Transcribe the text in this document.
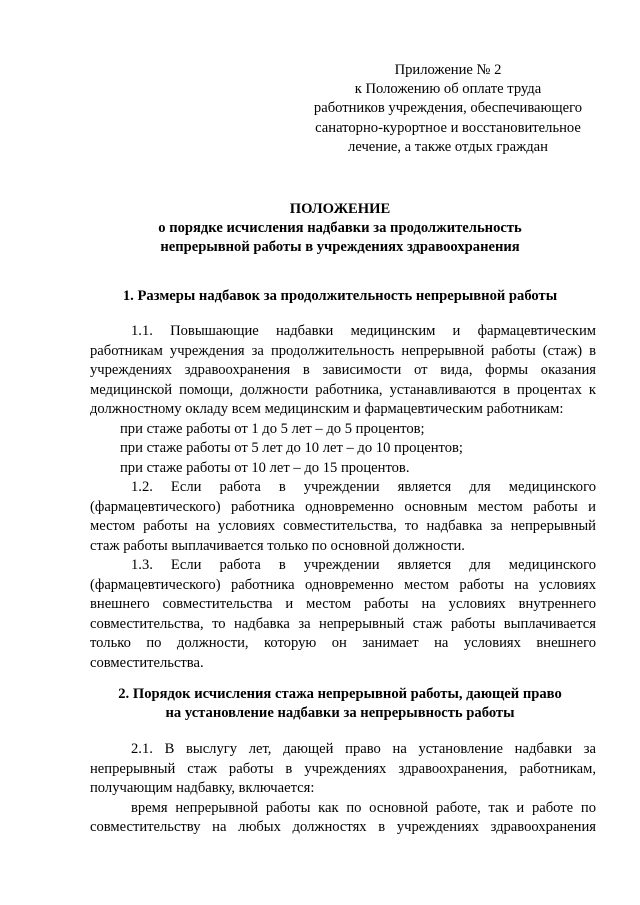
Приложение № 2
к Положению об оплате труда
работников учреждения, обеспечивающего
санаторно-курортное и восстановительное
лечение, а также отдых граждан
ПОЛОЖЕНИЕ
о порядке исчисления надбавки за продолжительность
непрерывной работы в учреждениях здравоохранения
1. Размеры надбавок за продолжительность непрерывной работы
1.1. Повышающие надбавки медицинским и фармацевтическим
работникам учреждения за продолжительность непрерывной работы (стаж) в
учреждениях здравоохранения в зависимости от вида, формы оказания
медицинской помощи, должности работника, устанавливаются в процентах к
должностному окладу всем медицинским и фармацевтическим работникам:
при стаже работы от 1 до 5 лет – до 5 процентов;
при стаже работы от 5 лет до 10 лет – до 10 процентов;
при стаже работы от 10 лет – до 15 процентов.
1.2. Если работа в учреждении является для медицинского
(фармацевтического) работника одновременно основным местом работы и
местом работы на условиях совместительства, то надбавка за непрерывный
стаж работы выплачивается только по основной должности.
1.3. Если работа в учреждении является для медицинского
(фармацевтического) работника одновременно местом работы на условиях
внешнего совместительства и местом работы на условиях внутреннего
совместительства, то надбавка за непрерывный стаж работы выплачивается
только по должности, которую он занимает на условиях внешнего
совместительства.
2. Порядок исчисления стажа непрерывной работы, дающей право
на установление надбавки за непрерывность работы
2.1. В выслугу лет, дающей право на установление надбавки за
непрерывный стаж работы в учреждениях здравоохранения, работникам,
получающим надбавку, включается:
время непрерывной работы как по основной работе, так и работе по
совместительству на любых должностях в учреждениях здравоохранения
